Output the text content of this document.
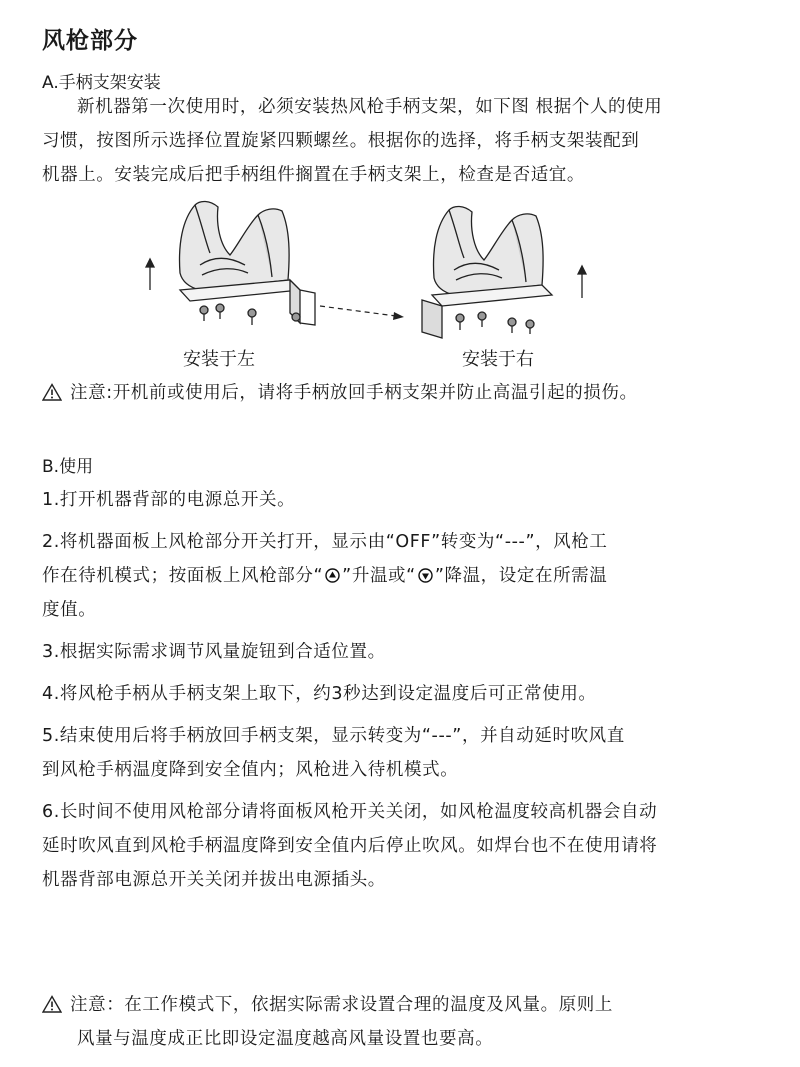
风枪部分
A.手柄支架安装
新机器第一次使用时，必须安装热风枪手柄支架，如下图 根据个人的使用
习惯，按图所示选择位置旋紧四颗螺丝。根据你的选择，将手柄支架装配到
机器上。安装完成后把手柄组件搁置在手柄支架上，检查是否适宜。
安装于左	安装于右
注意:开机前或使用后，请将手柄放回手柄支架并防止高温引起的损伤。
B.使用
1.打开机器背部的电源总开关。
2.将机器面板上风枪部分开关打开，显示由“OFF”转变为“---”，风枪工
作在待机模式；按面板上风枪部分“ ”升温或“ ”降温，设定在所需温
度值。
3.根据实际需求调节风量旋钮到合适位置。
4.将风枪手柄从手柄支架上取下，约3秒达到设定温度后可正常使用。
5.结束使用后将手柄放回手柄支架，显示转变为“---”，并自动延时吹风直
到风枪手柄温度降到安全值内；风枪进入待机模式。
6.长时间不使用风枪部分请将面板风枪开关关闭，如风枪温度较高机器会自动
延时吹风直到风枪手柄温度降到安全值内后停止吹风。如焊台也不在使用请将
机器背部电源总开关关闭并拔出电源插头。
注意：在工作模式下，依据实际需求设置合理的温度及风量。原则上
风量与温度成正比即设定温度越高风量设置也要高。
